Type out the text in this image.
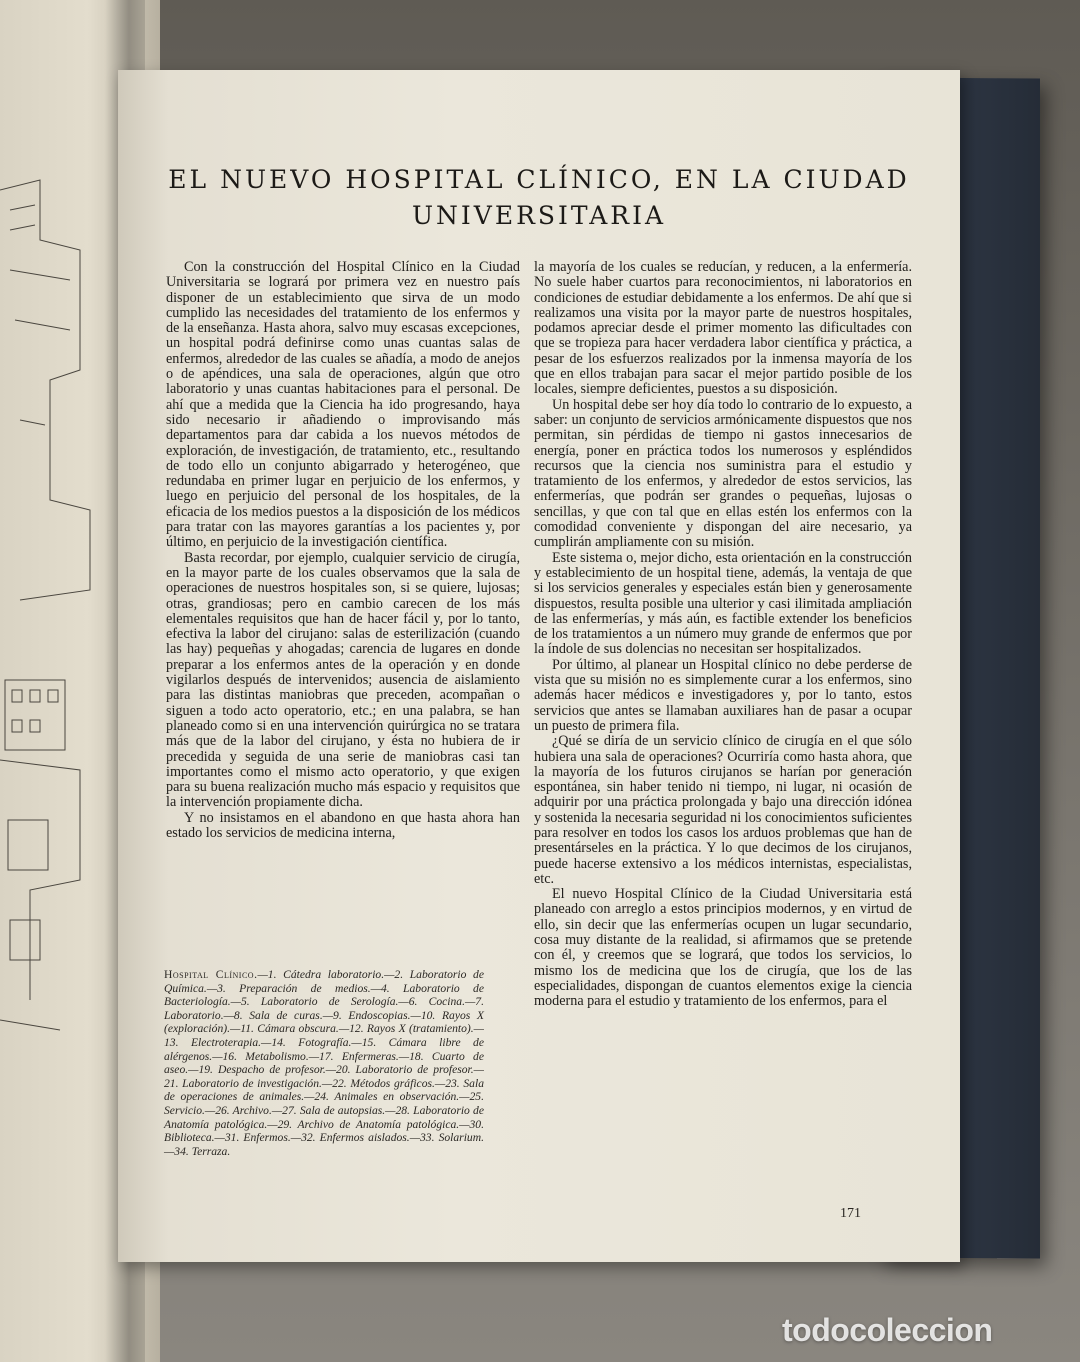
EL NUEVO HOSPITAL CLÍNICO, EN LA CIUDAD
UNIVERSITARIA

Con la construcción del Hospital Clínico en la Ciudad Universitaria se logrará por primera vez en nuestro país disponer de un establecimiento que sirva de un modo cumplido las necesidades del tratamiento de los enfermos y de la enseñanza. Hasta ahora, salvo muy escasas excepciones, un hospital podrá definirse como unas cuantas salas de enfermos, alrededor de las cuales se añadía, a modo de anejos o de apéndices, una sala de operaciones, algún que otro laboratorio y unas cuantas habitaciones para el personal. De ahí que a medida que la Ciencia ha ido progresando, haya sido necesario ir añadiendo o improvisando más departamentos para dar cabida a los nuevos métodos de exploración, de investigación, de tratamiento, etc., resultando de todo ello un conjunto abigarrado y heterogéneo, que redundaba en primer lugar en perjuicio de los enfermos, y luego en perjuicio del personal de los hospitales, de la eficacia de los medios puestos a la disposición de los médicos para tratar con las mayores garantías a los pacientes y, por último, en perjuicio de la investigación científica.

Basta recordar, por ejemplo, cualquier servicio de cirugía, en la mayor parte de los cuales observamos que la sala de operaciones de nuestros hospitales son, si se quiere, lujosas; otras, grandiosas; pero en cambio carecen de los más elementales requisitos que han de hacer fácil y, por lo tanto, efectiva la labor del cirujano: salas de esterilización (cuando las hay) pequeñas y ahogadas; carencia de lugares en donde preparar a los enfermos antes de la operación y en donde vigilarlos después de intervenidos; ausencia de aislamiento para las distintas maniobras que preceden, acompañan o siguen a todo acto operatorio, etc.; en una palabra, se han planeado como si en una intervención quirúrgica no se tratara más que de la labor del cirujano, y ésta no hubiera de ir precedida y seguida de una serie de maniobras casi tan importantes como el mismo acto operatorio, y que exigen para su buena realización mucho más espacio y requisitos que la intervención propiamente dicha.

Y no insistamos en el abandono en que hasta ahora han estado los servicios de medicina interna,

la mayoría de los cuales se reducían, y reducen, a la enfermería. No suele haber cuartos para reconocimientos, ni laboratorios en condiciones de estudiar debidamente a los enfermos. De ahí que si realizamos una visita por la mayor parte de nuestros hospitales, podamos apreciar desde el primer momento las dificultades con que se tropieza para hacer verdadera labor científica y práctica, a pesar de los esfuerzos realizados por la inmensa mayoría de los que en ellos trabajan para sacar el mejor partido posible de los locales, siempre deficientes, puestos a su disposición.

Un hospital debe ser hoy día todo lo contrario de lo expuesto, a saber: un conjunto de servicios armónicamente dispuestos que nos permitan, sin pérdidas de tiempo ni gastos innecesarios de energía, poner en práctica todos los numerosos y espléndidos recursos que la ciencia nos suministra para el estudio y tratamiento de los enfermos, y alrededor de estos servicios, las enfermerías, que podrán ser grandes o pequeñas, lujosas o sencillas, y que con tal que en ellas estén los enfermos con la comodidad conveniente y dispongan del aire necesario, ya cumplirán ampliamente con su misión.

Este sistema o, mejor dicho, esta orientación en la construcción y establecimiento de un hospital tiene, además, la ventaja de que si los servicios generales y especiales están bien y generosamente dispuestos, resulta posible una ulterior y casi ilimitada ampliación de las enfermerías, y más aún, es factible extender los beneficios de los tratamientos a un número muy grande de enfermos que por la índole de sus dolencias no necesitan ser hospitalizados.

Por último, al planear un Hospital clínico no debe perderse de vista que su misión no es simplemente curar a los enfermos, sino además hacer médicos e investigadores y, por lo tanto, estos servicios que antes se llamaban auxiliares han de pasar a ocupar un puesto de primera fila.

¿Qué se diría de un servicio clínico de cirugía en el que sólo hubiera una sala de operaciones? Ocurriría como hasta ahora, que la mayoría de los futuros cirujanos se harían por generación espontánea, sin haber tenido ni tiempo, ni lugar, ni ocasión de adquirir por una práctica prolongada y bajo una dirección idónea y sostenida la necesaria seguridad ni los conocimientos suficientes para resolver en todos los casos los arduos problemas que han de presentárseles en la práctica. Y lo que decimos de los cirujanos, puede hacerse extensivo a los médicos internistas, especialistas, etc.

El nuevo Hospital Clínico de la Ciudad Universitaria está planeado con arreglo a estos principios modernos, y en virtud de ello, sin decir que las enfermerías ocupen un lugar secundario, cosa muy distante de la realidad, si afirmamos que se pretende con él, y creemos que se logrará, que todos los servicios, lo mismo los de medicina que los de cirugía, que los de las especialidades, dispongan de cuantos elementos exige la ciencia moderna para el estudio y tratamiento de los enfermos, para el

Hospital Clínico.—1. Cátedra laboratorio.—2. Laboratorio de Química.—3. Preparación de medios.—4. Laboratorio de Bacteriología.—5. Laboratorio de Serología.—6. Cocina.—7. Laboratorio.—8. Sala de curas.—9. Endoscopias.—10. Rayos X (exploración).—11. Cámara obscura.—12. Rayos X (tratamiento).—13. Electroterapia.—14. Fotografía.—15. Cámara libre de alérgenos.—16. Metabolismo.—17. Enfermeras.—18. Cuarto de aseo.—19. Despacho de profesor.—20. Laboratorio de profesor.—21. Laboratorio de investigación.—22. Métodos gráficos.—23. Sala de operaciones de animales.—24. Animales en observación.—25. Servicio.—26. Archivo.—27. Sala de autopsias.—28. Laboratorio de Anatomía patológica.—29. Archivo de Anatomía patológica.—30. Biblioteca.—31. Enfermos.—32. Enfermos aislados.—33. Solarium.—34. Terraza.
171
todocoleccion
